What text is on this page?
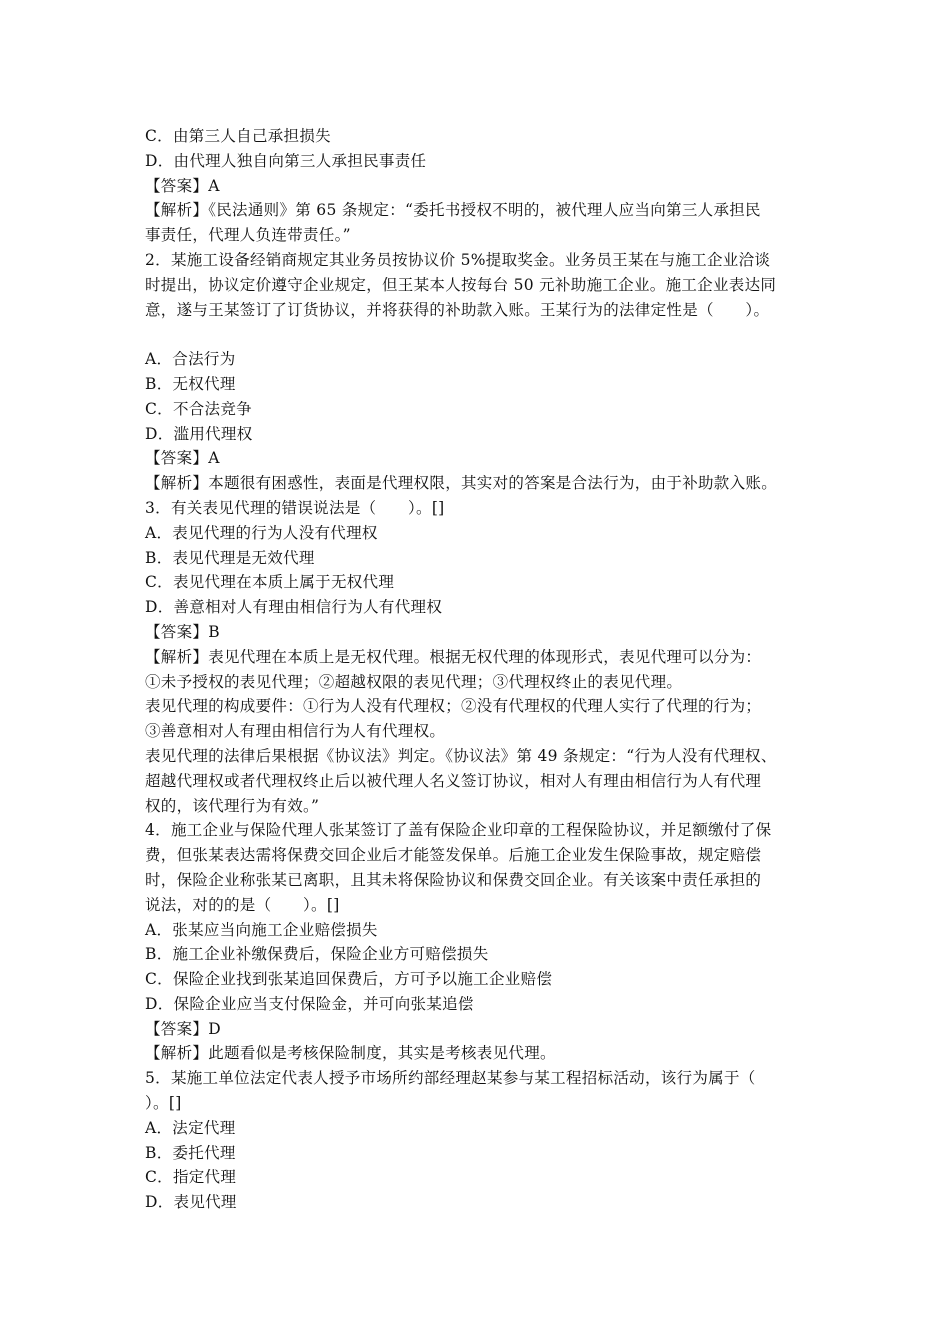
C．由第三人自己承担损失
D．由代理人独自向第三人承担民事责任
【答案】A
【解析】《民法通则》第 65 条规定：“委托书授权不明的，被代理人应当向第三人承担民
事责任，代理人负连带责任。”
2．某施工设备经销商规定其业务员按协议价 5%提取奖金。业务员王某在与施工企业洽谈
时提出，协议定价遵守企业规定，但王某本人按每台 50 元补助施工企业。施工企业表达同
意，遂与王某签订了订货协议，并将获得的补助款入账。王某行为的法律定性是（　　）。
A．合法行为
B．无权代理
C．不合法竞争
D．滥用代理权
【答案】A
【解析】本题很有困惑性，表面是代理权限，其实对的答案是合法行为，由于补助款入账。
3．有关表见代理的错误说法是（　　）。[]
A．表见代理的行为人没有代理权
B．表见代理是无效代理
C．表见代理在本质上属于无权代理
D．善意相对人有理由相信行为人有代理权
【答案】B
【解析】表见代理在本质上是无权代理。根据无权代理的体现形式，表见代理可以分为：
①未予授权的表见代理；②超越权限的表见代理；③代理权终止的表见代理。
表见代理的构成要件：①行为人没有代理权；②没有代理权的代理人实行了代理的行为；
③善意相对人有理由相信行为人有代理权。
表见代理的法律后果根据《协议法》判定。《协议法》第 49 条规定：“行为人没有代理权、
超越代理权或者代理权终止后以被代理人名义签订协议，相对人有理由相信行为人有代理
权的，该代理行为有效。”
4．施工企业与保险代理人张某签订了盖有保险企业印章的工程保险协议，并足额缴付了保
费，但张某表达需将保费交回企业后才能签发保单。后施工企业发生保险事故，规定赔偿
时，保险企业称张某已离职，且其未将保险协议和保费交回企业。有关该案中责任承担的
说法，对的的是（　　）。[]
A．张某应当向施工企业赔偿损失
B．施工企业补缴保费后，保险企业方可赔偿损失
C．保险企业找到张某追回保费后，方可予以施工企业赔偿
D．保险企业应当支付保险金，并可向张某追偿
【答案】D
【解析】此题看似是考核保险制度，其实是考核表见代理。
5．某施工单位法定代表人授予市场所约部经理赵某参与某工程招标活动，该行为属于（
）。[]
A．法定代理
B．委托代理
C．指定代理
D．表见代理
